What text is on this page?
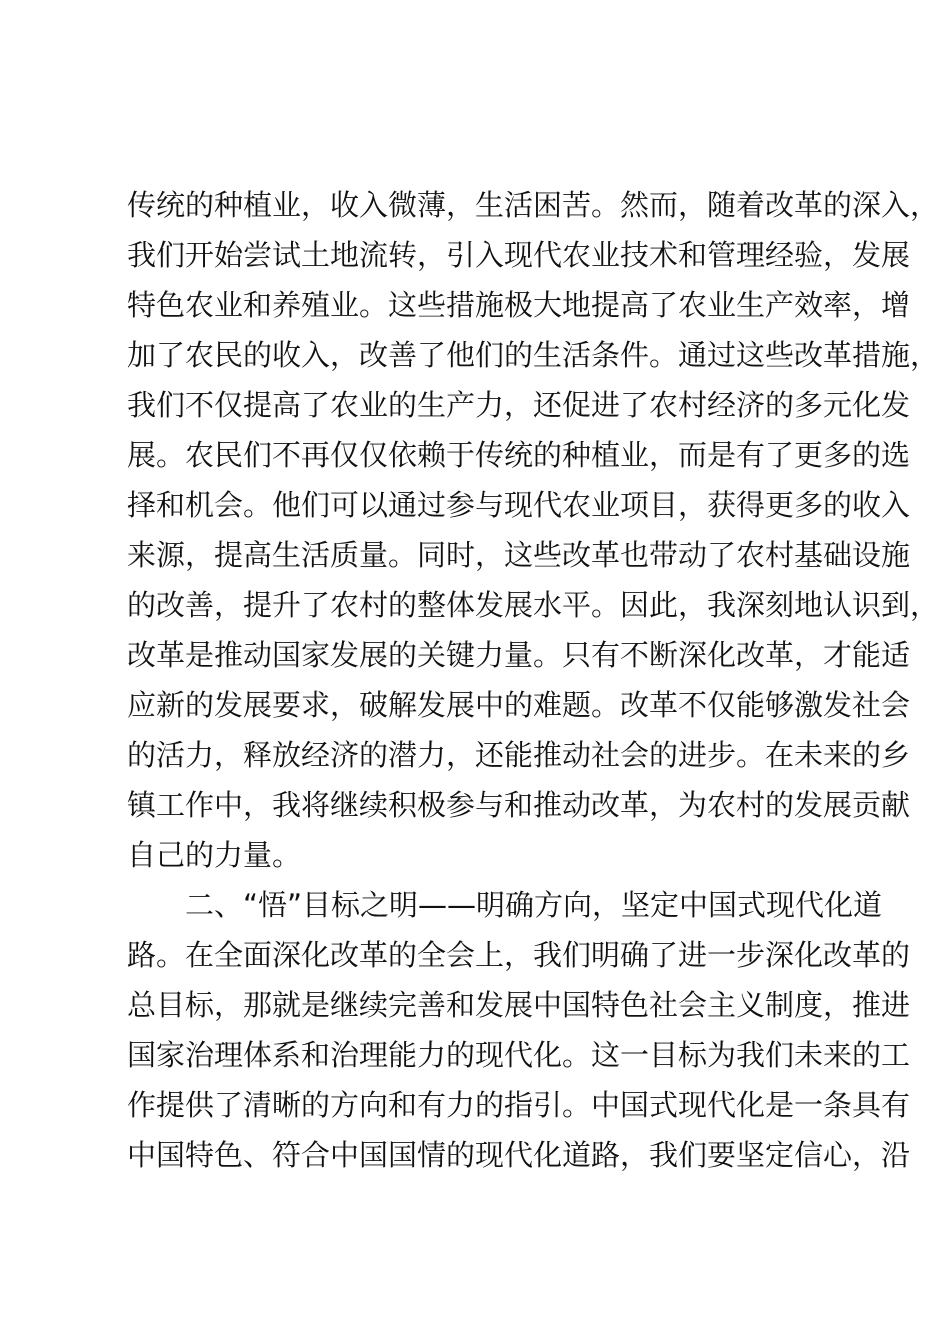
传统的种植业，收入微薄，生活困苦。然而，随着改革的深入，
我们开始尝试土地流转，引入现代农业技术和管理经验，发展
特色农业和养殖业。这些措施极大地提高了农业生产效率，增
加了农民的收入，改善了他们的生活条件。通过这些改革措施，
我们不仅提高了农业的生产力，还促进了农村经济的多元化发
展。农民们不再仅仅依赖于传统的种植业，而是有了更多的选
择和机会。他们可以通过参与现代农业项目，获得更多的收入
来源，提高生活质量。同时，这些改革也带动了农村基础设施
的改善，提升了农村的整体发展水平。因此，我深刻地认识到，
改革是推动国家发展的关键力量。只有不断深化改革，才能适
应新的发展要求，破解发展中的难题。改革不仅能够激发社会
的活力，释放经济的潜力，还能推动社会的进步。在未来的乡
镇工作中，我将继续积极参与和推动改革，为农村的发展贡献
自己的力量。
二、“悟”目标之明——明确方向，坚定中国式现代化道
路。在全面深化改革的全会上，我们明确了进一步深化改革的
总目标，那就是继续完善和发展中国特色社会主义制度，推进
国家治理体系和治理能力的现代化。这一目标为我们未来的工
作提供了清晰的方向和有力的指引。中国式现代化是一条具有
中国特色、符合中国国情的现代化道路，我们要坚定信心，沿
